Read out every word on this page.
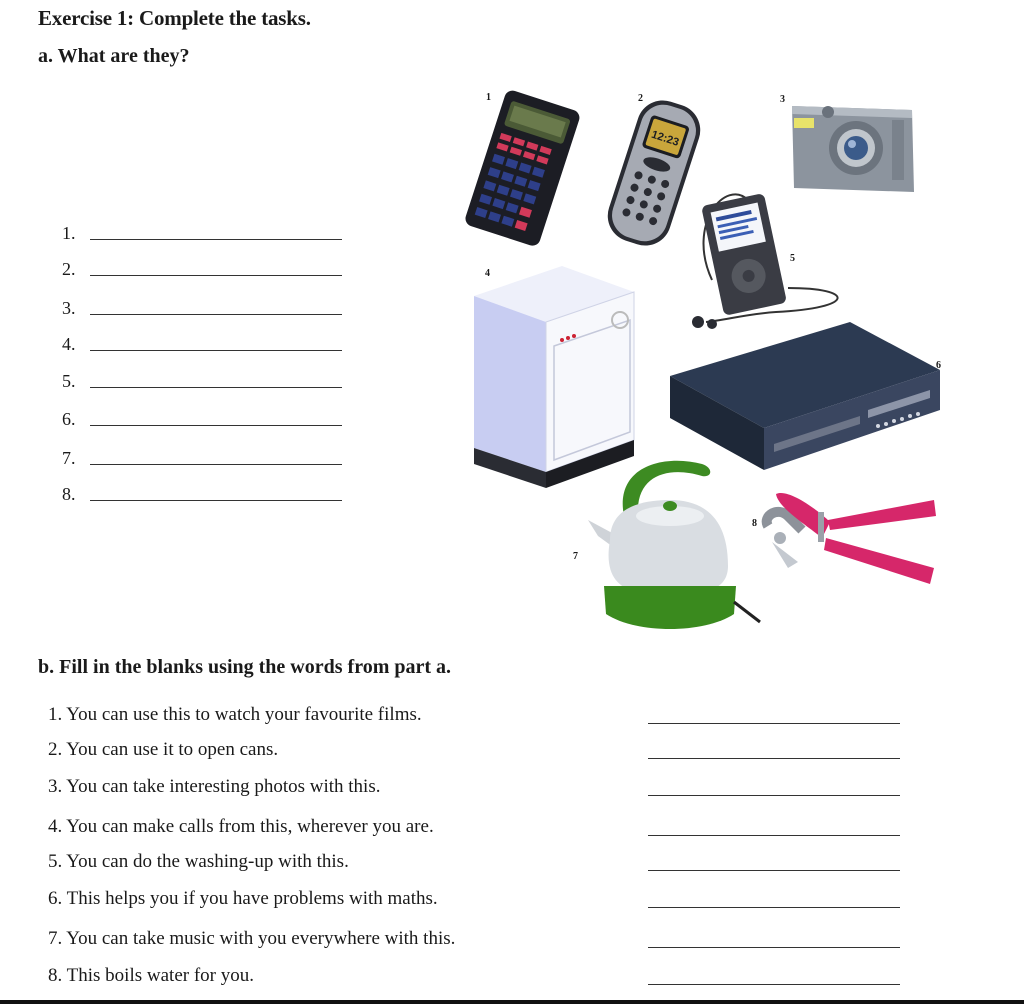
Exercise 1: Complete the tasks.
a. What are they?
1.
2.
3.
4.
5.
6.
7.
8.
1
12:23
2	3
5
4
6
7
8
b. Fill in the blanks using the words from part a.
1. You can use this to watch your favourite films.
2. You can use it to open cans.
3. You can take interesting photos with this.
4. You can make calls from this, wherever you are.
5. You can do the washing-up with this.
6. This helps you if you have problems with maths.
7. You can take music with you everywhere with this.
8. This boils water for you.
